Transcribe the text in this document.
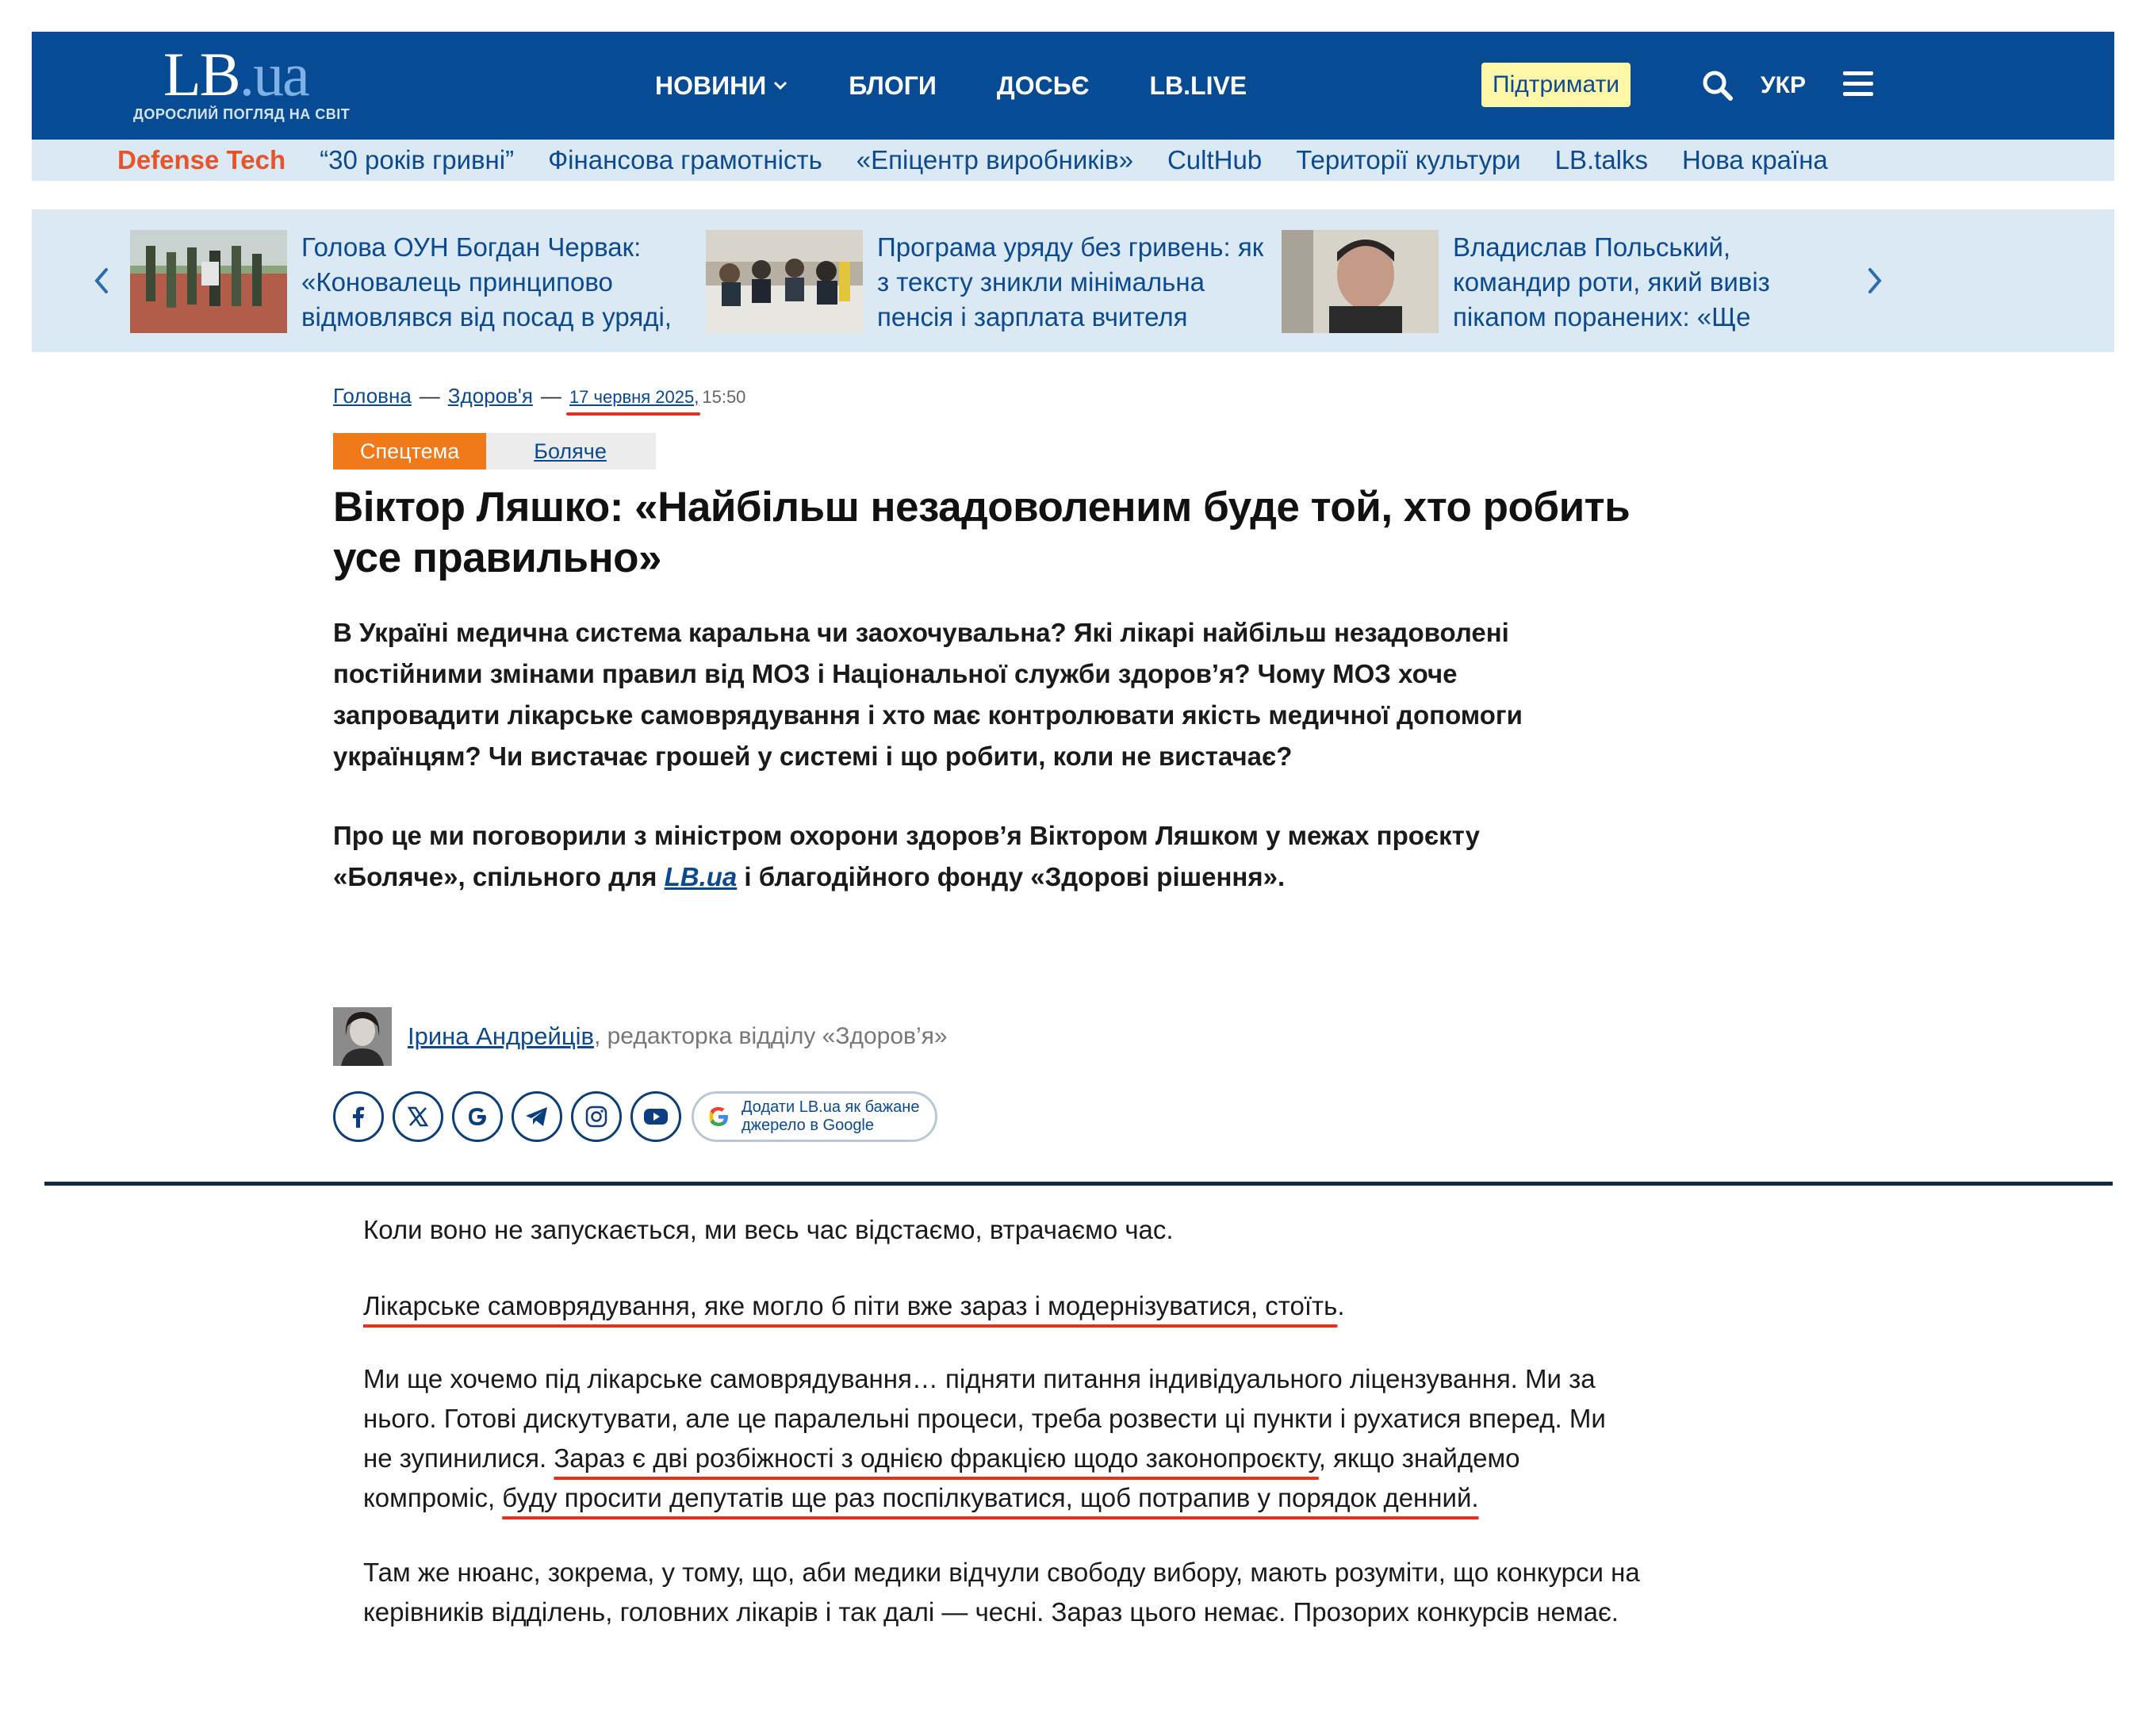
LB.ua
ДОРОСЛИЙ ПОГЛЯД НА СВІТ
НОВИНИ	БЛОГИ ДОСЬЄ LB.LIVE	Підтримати	УКР
Defense Tech “30 років гривні” Фінансова грамотність «Епіцентр виробників» CultHub Території культури LB.talks Нова країна
Голова ОУН Богдан Червак: «Коновалець принципово відмовлявся від посад в уряді,
Програма уряду без гривень: як з тексту зникли мінімальна пенсія і зарплата вчителя
Владислав Польський, командир роти, який вивіз пікапом поранених: «Ще
Головна — Здоров'я — 17 червня 2025, 15:50
Спецтема	Боляче
Віктор Ляшко: «Найбільш незадоволеним буде той, хто робить усе правильно»

В Україні медична система каральна чи заохочувальна? Які лікарі найбільш незадоволені постійними змінами правил від МОЗ і Національної служби здоров’я? Чому МОЗ хоче запровадити лікарське самоврядування і хто має контролювати якість медичної допомоги українцям? Чи вистачає грошей у системі і що робити, коли не вистачає?

Про це ми поговорили з міністром охорони здоров’я Віктором Ляшком у межах проєкту «Боляче», спільного для LB.ua і благодійного фонду «Здорові рішення».

Ірина Андрейців , редакторка відділу «Здоров’я»
Додати LB.ua як бажане
джерело в Google

Коли воно не запускається, ми весь час відстаємо, втрачаємо час.

Лікарське самоврядування, яке могло б піти вже зараз і модернізуватися, стоїть.

Ми ще хочемо під лікарське самоврядування… підняти питання індивідуального ліцензування. Ми за нього. Готові дискутувати, але це паралельні процеси, треба розвести ці пункти і рухатися вперед. Ми не зупинилися. Зараз є дві розбіжності з однією фракцією щодо законопроєкту, якщо знайдемо компроміс, буду просити депутатів ще раз поспілкуватися, щоб потрапив у порядок денний.

Там же нюанс, зокрема, у тому, що, аби медики відчули свободу вибору, мають розуміти, що конкурси на керівників відділень, головних лікарів і так далі — чесні. Зараз цього немає. Прозорих конкурсів немає.
